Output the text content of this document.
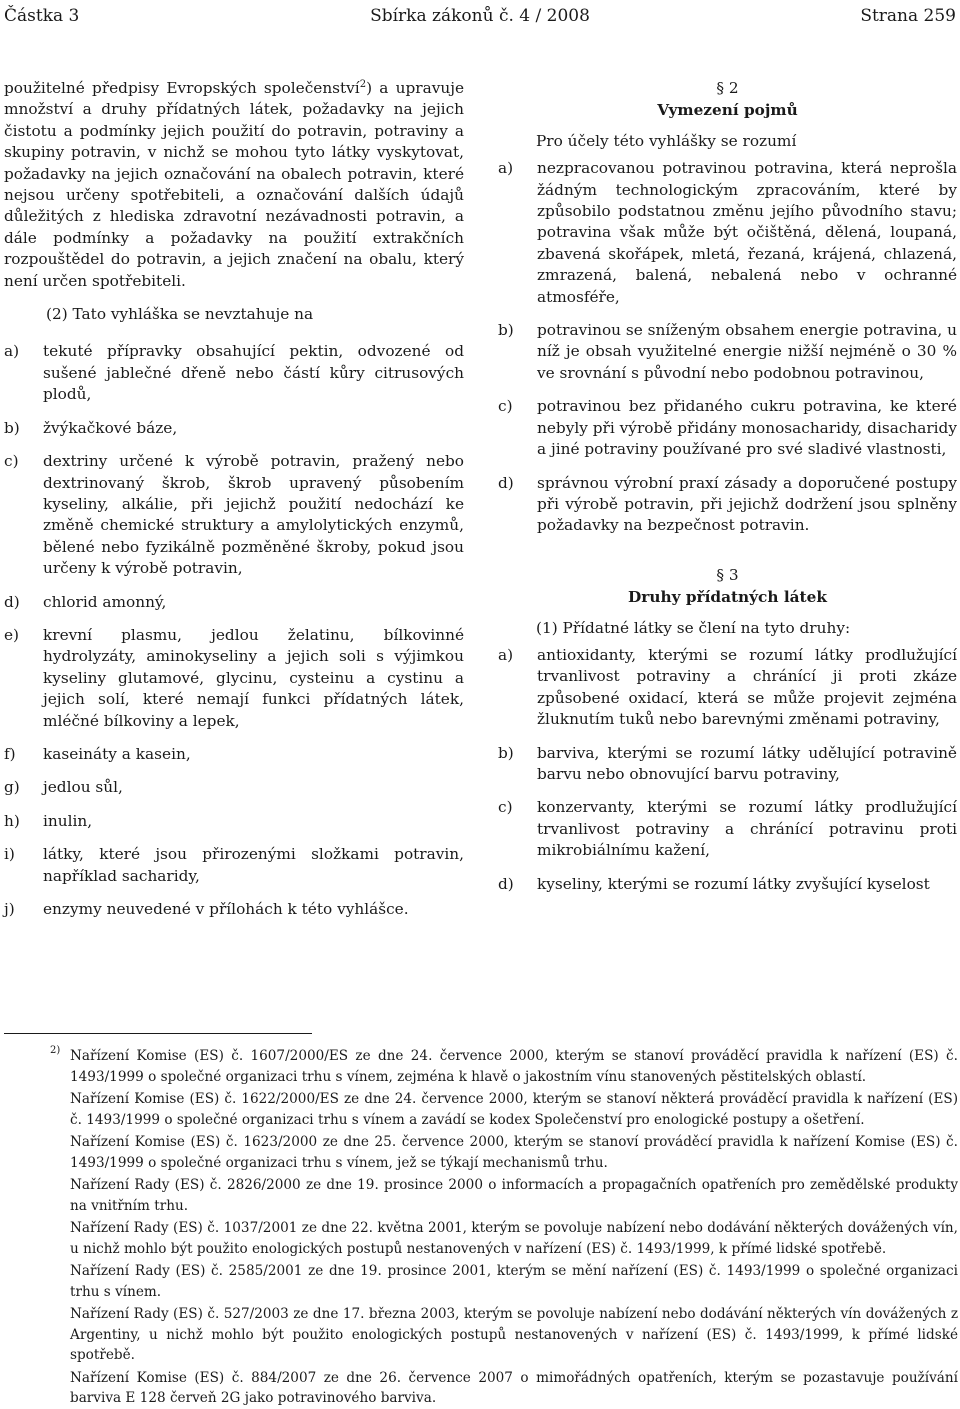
Částka 3	Sbírka zákonů č. 4 / 2008	Strana 259

použitelné předpisy Evropských společenství$^2$) a upravuje množství a druhy přídatných látek, požadavky na jejich čistotu a podmínky jejich použití do potravin, potraviny a skupiny potravin, v nichž se mohou tyto látky vyskytovat, požadavky na jejich označování na obalech potravin, které nejsou určeny spotřebiteli, a označování dalších údajů důležitých z hlediska zdravotní nezávadnosti potravin, a dále podmínky a požadavky na použití extrakčních rozpouštědel do potravin, a jejich značení na obalu, který není určen spotřebiteli.

(2) Tato vyhláška se nevztahuje na

a) tekuté přípravky obsahující pektin, odvozené od sušené jablečné dřeně nebo částí kůry citrusových plodů,
b) žvýkačkové báze,
c) dextriny určené k výrobě potravin, pražený nebo dextrinovaný škrob, škrob upravený působením kyseliny, alkálie, při jejichž použití nedochází ke změně chemické struktury a amylolytických enzymů, bělené nebo fyzikálně pozměněné škroby, pokud jsou určeny k výrobě potravin,
d) chlorid amonný,
e) krevní plasmu, jedlou želatinu, bílkovinné hydrolyzáty, aminokyseliny a jejich soli s výjimkou kyseliny glutamové, glycinu, cysteinu a cystinu a jejich solí, které nemají funkci přídatných látek, mléčné bílkoviny a lepek,
f) kaseináty a kasein,
g) jedlou sůl,
h) inulin,
i) látky, které jsou přirozenými složkami potravin, například sacharidy,
j) enzymy neuvedené v přílohách k této vyhlášce.

§ 2

Vymezení pojmů

Pro účely této vyhlášky se rozumí

a) nezpracovanou potravinou potravina, která neprošla žádným technologickým zpracováním, které by způsobilo podstatnou změnu jejího původního stavu; potravina však může být očištěná, dělená, loupaná, zbavená skořápek, mletá, řezaná, krájená, chlazená, zmrazená, balená, nebalená nebo v ochranné atmosféře,
b) potravinou se sníženým obsahem energie potravina, u níž je obsah využitelné energie nižší nejméně o 30 % ve srovnání s původní nebo podobnou potravinou,
c) potravinou bez přidaného cukru potravina, ke které nebyly při výrobě přidány monosacharidy, disacharidy a jiné potraviny používané pro své sladivé vlastnosti,
d) správnou výrobní praxí zásady a doporučené postupy při výrobě potravin, při jejichž dodržení jsou splněny požadavky na bezpečnost potravin.

§ 3

Druhy přídatných látek

(1) Přídatné látky se člení na tyto druhy:

a) antioxidanty, kterými se rozumí látky prodlužující trvanlivost potraviny a chránící ji proti zkáze způsobené oxidací, která se může projevit zejména žluknutím tuků nebo barevnými změnami potraviny,
b) barviva, kterými se rozumí látky udělující potravině barvu nebo obnovující barvu potraviny,
c) konzervanty, kterými se rozumí látky prodlužující trvanlivost potraviny a chránící potravinu proti mikrobiálnímu kažení,
d) kyseliny, kterými se rozumí látky zvyšující kyselost

2) Nařízení Komise (ES) č. 1607/2000/ES ze dne 24. července 2000, kterým se stanoví prováděcí pravidla k nařízení (ES) č. 1493/1999 o společné organizaci trhu s vínem, zejména k hlavě o jakostním vínu stanovených pěstitelských oblastí.

Nařízení Komise (ES) č. 1622/2000/ES ze dne 24. července 2000, kterým se stanoví některá prováděcí pravidla k nařízení (ES) č. 1493/1999 o společné organizaci trhu s vínem a zavádí se kodex Společenství pro enologické postupy a ošetření.

Nařízení Komise (ES) č. 1623/2000 ze dne 25. července 2000, kterým se stanoví prováděcí pravidla k nařízení Komise (ES) č. 1493/1999 o společné organizaci trhu s vínem, jež se týkají mechanismů trhu.

Nařízení Rady (ES) č. 2826/2000 ze dne 19. prosince 2000 o informacích a propagačních opatřeních pro zemědělské produkty na vnitřním trhu.

Nařízení Rady (ES) č. 1037/2001 ze dne 22. května 2001, kterým se povoluje nabízení nebo dodávání některých dovážených vín, u nichž mohlo být použito enologických postupů nestanovených v nařízení (ES) č. 1493/1999, k přímé lidské spotřebě.

Nařízení Rady (ES) č. 2585/2001 ze dne 19. prosince 2001, kterým se mění nařízení (ES) č. 1493/1999 o společné organizaci trhu s vínem.

Nařízení Rady (ES) č. 527/2003 ze dne 17. března 2003, kterým se povoluje nabízení nebo dodávání některých vín dovážených z Argentiny, u nichž mohlo být použito enologických postupů nestanovených v nařízení (ES) č. 1493/1999, k přímé lidské spotřebě.

Nařízení Komise (ES) č. 884/2007 ze dne 26. července 2007 o mimořádných opatřeních, kterým se pozastavuje používání barviva E 128 červeň 2G jako potravinového barviva.
